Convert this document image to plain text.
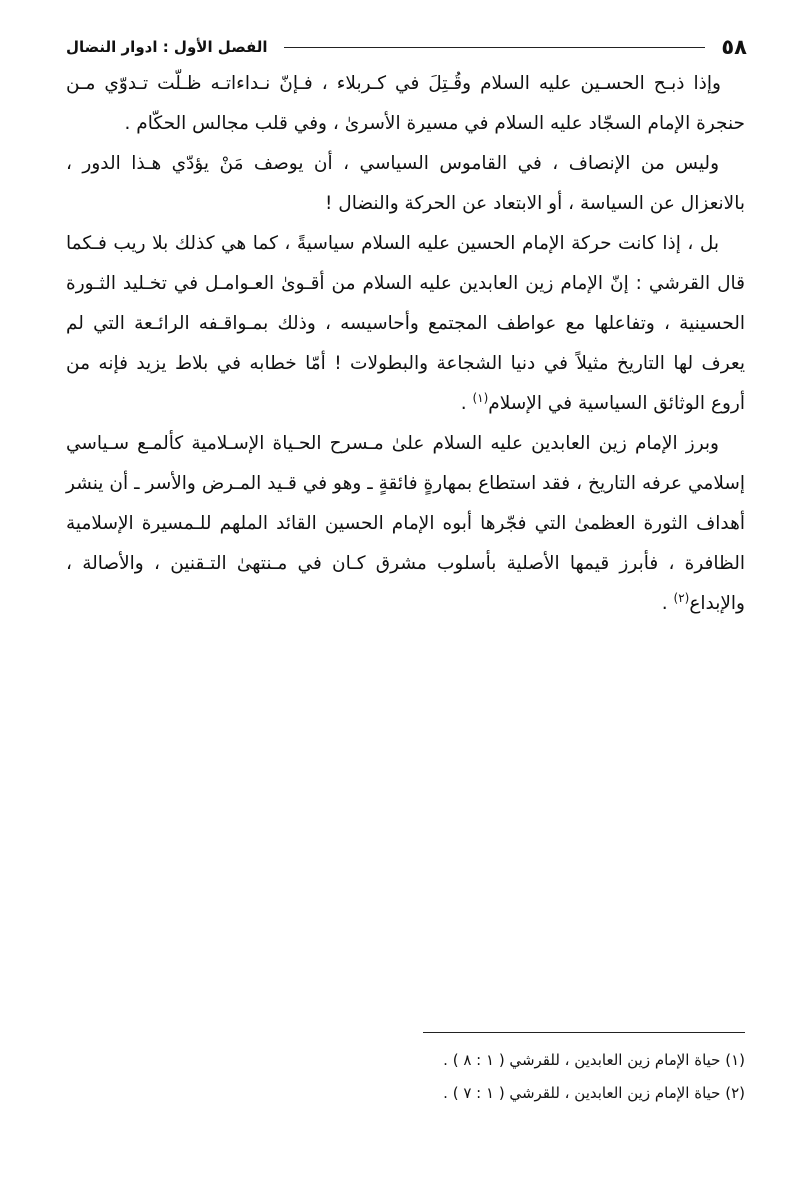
٥٨
الفصل الأول : ادوار النضال

وإذا ذبـح الحسـين عليه السلام وقُـتِلَ في كـربلاء ، فـإنّ نـداءاتـه ظـلّت تـدوّي مـن حنجرة الإمام السجّاد عليه السلام في مسيرة الأسرىٰ ، وفي قلب مجالس الحكّام .

وليس من الإنصاف ، في القاموس السياسي ، أن يوصف مَنْ يؤدّي هـذا الدور ، بالانعزال عن السياسة ، أو الابتعاد عن الحركة والنضال !

بل ، إذا كانت حركة الإمام الحسين عليه السلام سياسيةً ، كما هي كذلك بلا ريب فـكما قال القرشي : إنّ الإمام زين العابدين عليه السلام من أقـوىٰ العـوامـل في تخـليد الثـورة الحسينية ، وتفاعلها مع عواطف المجتمع وأحاسيسه ، وذلك بمـواقـفه الرائـعة التي لم يعرف لها التاريخ مثيلاً في دنيا الشجاعة والبطولات ! أمّا خطابه في بلاط يزيد فإنه من أروع الوثائق السياسية في الإسلام$^{(١)}$ .

وبرز الإمام زين العابدين عليه السلام علىٰ مـسرح الحـياة الإسـلامية كألمـع سـياسي إسلامي عرفه التاريخ ، فقد استطاع بمهارةٍ فائقةٍ ـ وهو في قـيد المـرض والأسر ـ أن ينشر أهداف الثورة العظمىٰ التي فجّرها أبوه الإمام الحسين القائد الملهم للـمسيرة الإسلامية الظافرة ، فأبرز قيمها الأصلية بأسلوب مشرق كـان في مـنتهىٰ التـقنين ، والأصالة ، والإبداع$^{(٢)}$ .

(١) حياة الإمام زين العابدين ، للقرشي ( ١ : ٨ ) .

(٢) حياة الإمام زين العابدين ، للقرشي ( ١ : ٧ ) .
